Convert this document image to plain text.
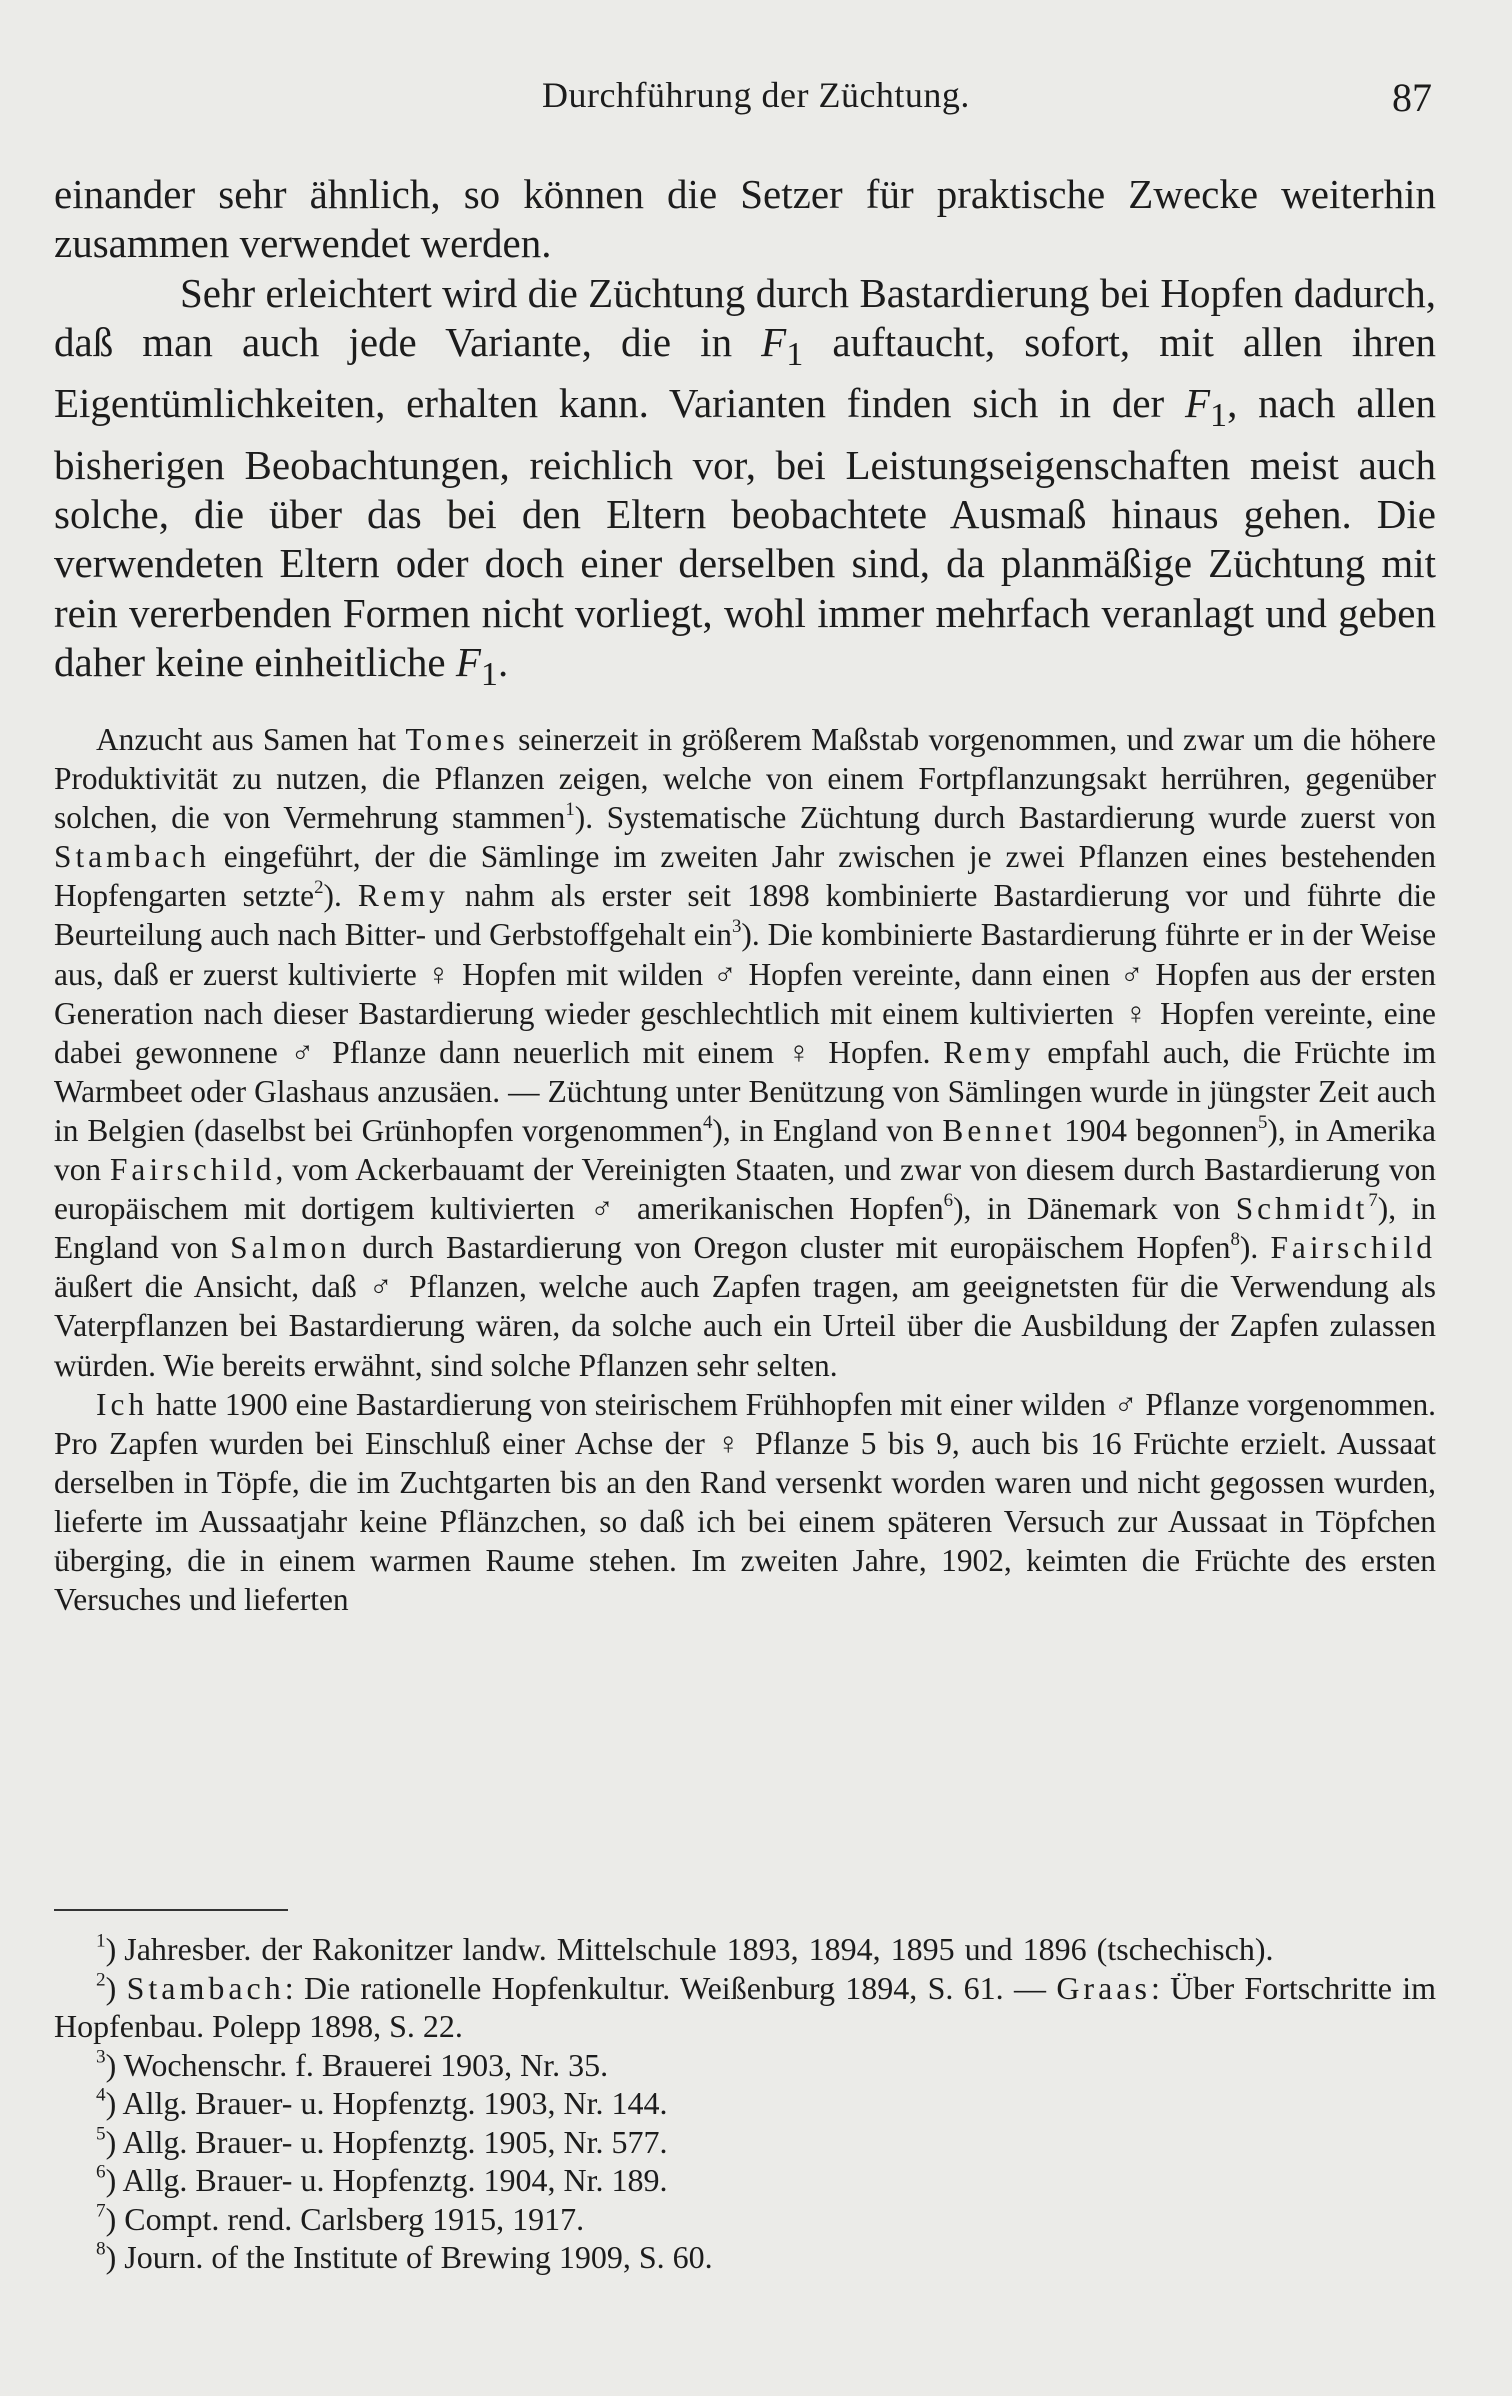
Durchführung der Züchtung.	87

einander sehr ähnlich, so können die Setzer für praktische Zwecke weiterhin zusammen verwendet werden.

Sehr erleichtert wird die Züchtung durch Bastardierung bei Hopfen dadurch, daß man auch jede Variante, die in $F_1$ auftaucht, sofort, mit allen ihren Eigentümlichkeiten, erhalten kann. Varianten finden sich in der $F_1$, nach allen bisherigen Beobachtungen, reichlich vor, bei Leistungseigenschaften meist auch solche, die über das bei den Eltern beobachtete Ausmaß hinaus gehen. Die verwendeten Eltern oder doch einer derselben sind, da planmäßige Züchtung mit rein vererbenden Formen nicht vorliegt, wohl immer mehrfach veranlagt und geben daher keine einheitliche $F_1$.

Anzucht aus Samen hat Tomes seinerzeit in größerem Maßstab vorgenommen, und zwar um die höhere Produktivität zu nutzen, die Pflanzen zeigen, welche von einem Fortpflanzungsakt herrühren, gegenüber solchen, die von Vermehrung stammen$^1$). Systematische Züchtung durch Bastardierung wurde zuerst von Stambach eingeführt, der die Sämlinge im zweiten Jahr zwischen je zwei Pflanzen eines bestehenden Hopfengarten setzte$^2$). Remy nahm als erster seit 1898 kombinierte Bastardierung vor und führte die Beurteilung auch nach Bitter- und Gerbstoffgehalt ein$^3$). Die kombinierte Bastardierung führte er in der Weise aus, daß er zuerst kultivierte ♀ Hopfen mit wilden ♂ Hopfen vereinte, dann einen ♂ Hopfen aus der ersten Generation nach dieser Bastardierung wieder geschlechtlich mit einem kultivierten ♀ Hopfen vereinte, eine dabei gewonnene ♂ Pflanze dann neuerlich mit einem ♀ Hopfen. Remy empfahl auch, die Früchte im Warmbeet oder Glashaus anzusäen. — Züchtung unter Benützung von Sämlingen wurde in jüngster Zeit auch in Belgien (daselbst bei Grünhopfen vorgenommen$^4$), in England von Bennet 1904 begonnen$^5$), in Amerika von Fairschild, vom Ackerbauamt der Vereinigten Staaten, und zwar von diesem durch Bastardierung von europäischem mit dortigem kultivierten ♂ amerikanischen Hopfen$^6$), in Dänemark von Schmidt$^7$), in England von Salmon durch Bastardierung von Oregon cluster mit europäischem Hopfen$^8$). Fairschild äußert die Ansicht, daß ♂ Pflanzen, welche auch Zapfen tragen, am geeignetsten für die Verwendung als Vaterpflanzen bei Bastardierung wären, da solche auch ein Urteil über die Ausbildung der Zapfen zulassen würden. Wie bereits erwähnt, sind solche Pflanzen sehr selten.

Ich hatte 1900 eine Bastardierung von steirischem Frühhopfen mit einer wilden ♂ Pflanze vorgenommen. Pro Zapfen wurden bei Einschluß einer Achse der ♀ Pflanze 5 bis 9, auch bis 16 Früchte erzielt. Aussaat derselben in Töpfe, die im Zuchtgarten bis an den Rand versenkt worden waren und nicht gegossen wurden, lieferte im Aussaatjahr keine Pflänzchen, so daß ich bei einem späteren Versuch zur Aussaat in Töpfchen überging, die in einem warmen Raume stehen. Im zweiten Jahre, 1902, keimten die Früchte des ersten Versuches und lieferten

$^1$) Jahresber. der Rakonitzer landw. Mittelschule 1893, 1894, 1895 und 1896 (tschechisch).

$^2$) Stambach: Die rationelle Hopfenkultur. Weißenburg 1894, S. 61. — Graas: Über Fortschritte im Hopfenbau. Polepp 1898, S. 22.

$^3$) Wochenschr. f. Brauerei 1903, Nr. 35.

$^4$) Allg. Brauer- u. Hopfenztg. 1903, Nr. 144.

$^5$) Allg. Brauer- u. Hopfenztg. 1905, Nr. 577.

$^6$) Allg. Brauer- u. Hopfenztg. 1904, Nr. 189.

$^7$) Compt. rend. Carlsberg 1915, 1917.

$^8$) Journ. of the Institute of Brewing 1909, S. 60.
